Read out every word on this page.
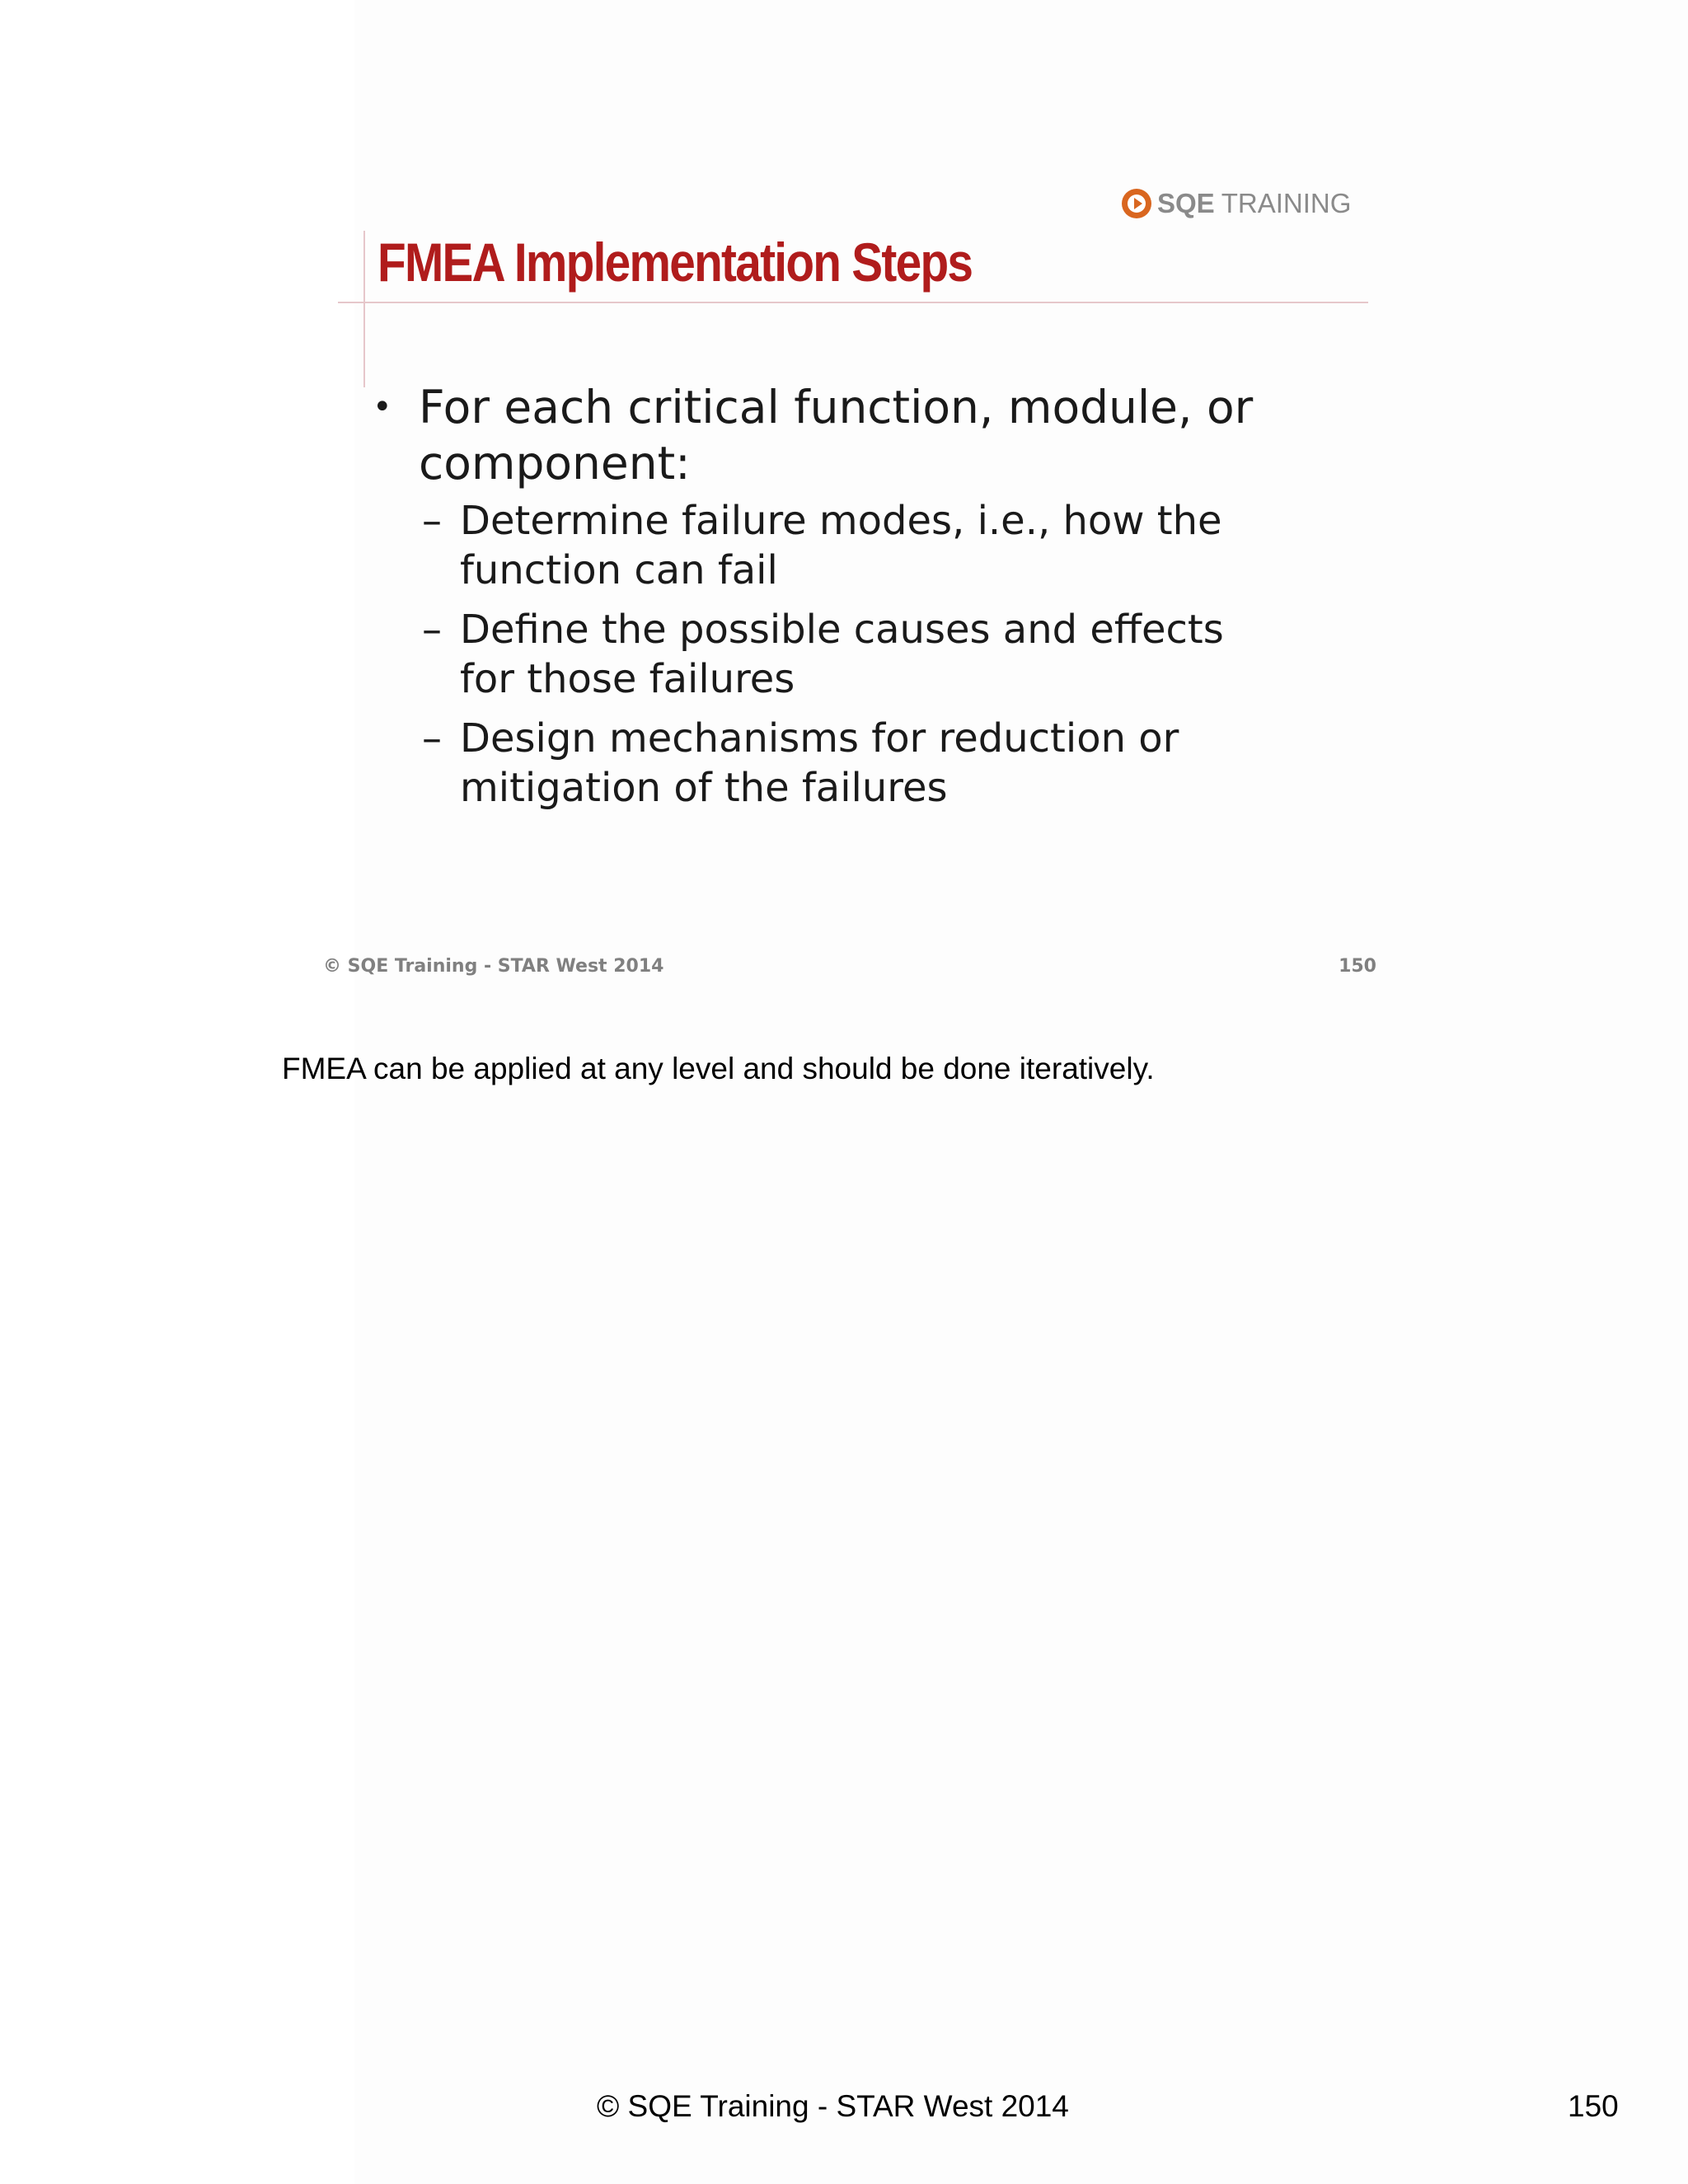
SQE TRAINING
FMEA Implementation Steps
• For each critical function, module, or component:
– Determine failure modes, i.e., how the function can fail
– Define the possible causes and effects for those failures
– Design mechanisms for reduction or mitigation of the failures
© SQE Training - STAR West 2014	150

FMEA can be applied at any level and should be done iteratively.

© SQE Training - STAR West 2014	150
